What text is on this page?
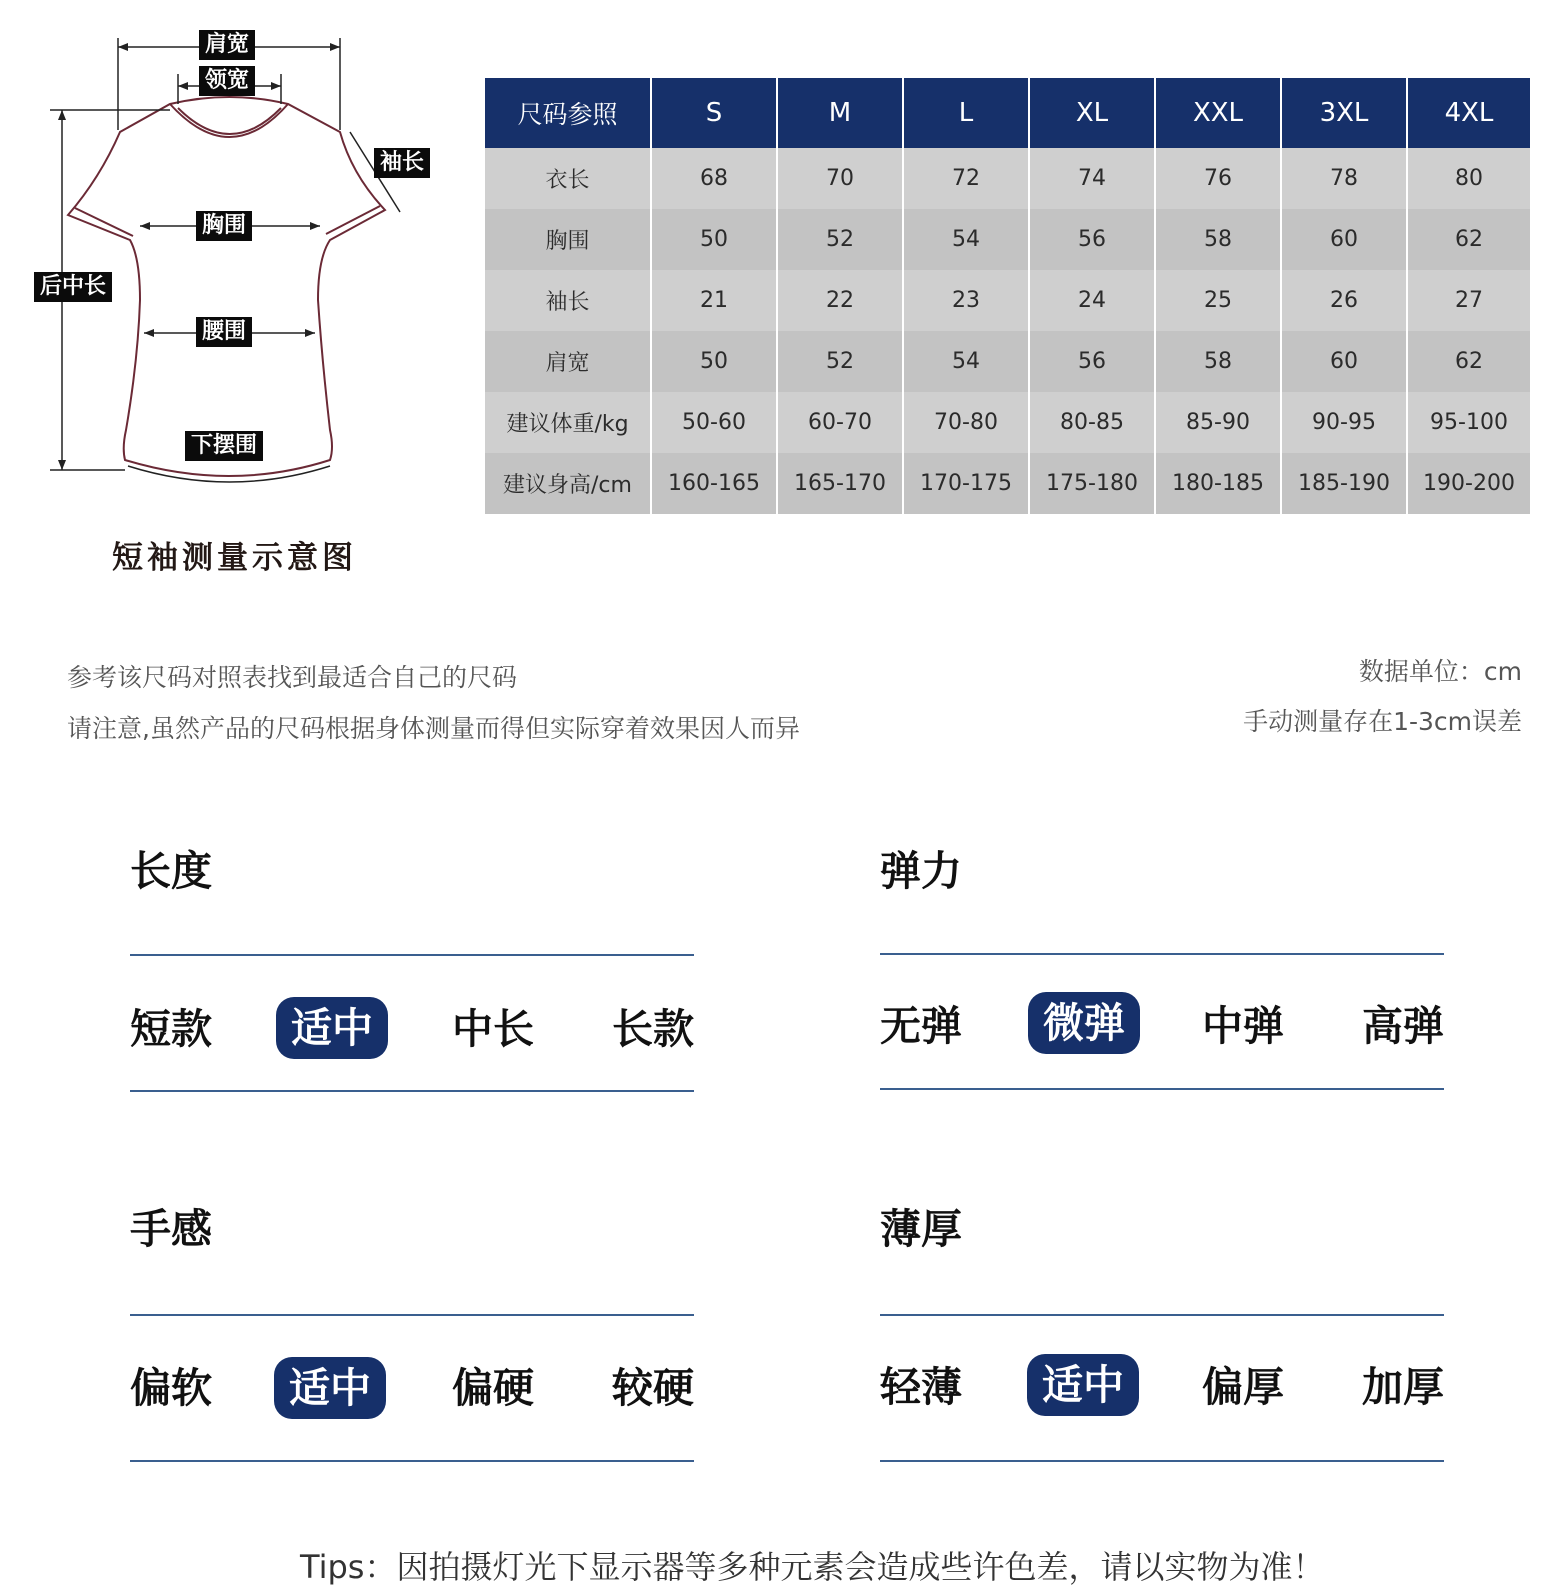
肩宽
领宽
袖长
胸围
后中长
腰围
下摆围
短袖测量示意图
尺码参照	S	M	L	XL	XXL	3XL	4XL
衣长	68	70	72	74	76	78	80
胸围	50	52	54	56	58	60	62
袖长	21	22	23	24	25	26	27
肩宽	50	52	54	56	58	60	62
建议体重/kg	50-60	60-70	70-80	80-85	85-90	90-95	95-100
建议身高/cm	160-165	165-170	170-175	175-180	180-185	185-190	190-200
参考该尺码对照表找到最适合自己的尺码
请注意,虽然产品的尺码根据身体测量而得但实际穿着效果因人而异
数据单位：cm
手动测量存在1-3cm误差
长度
短款	适中	中长 长款
弹力
无弹	微弹	中弹 高弹
手感
偏软	适中	偏硬 较硬
薄厚
轻薄	适中	偏厚 加厚
Tips：因拍摄灯光下显示器等多种元素会造成些许色差，请以实物为准！
